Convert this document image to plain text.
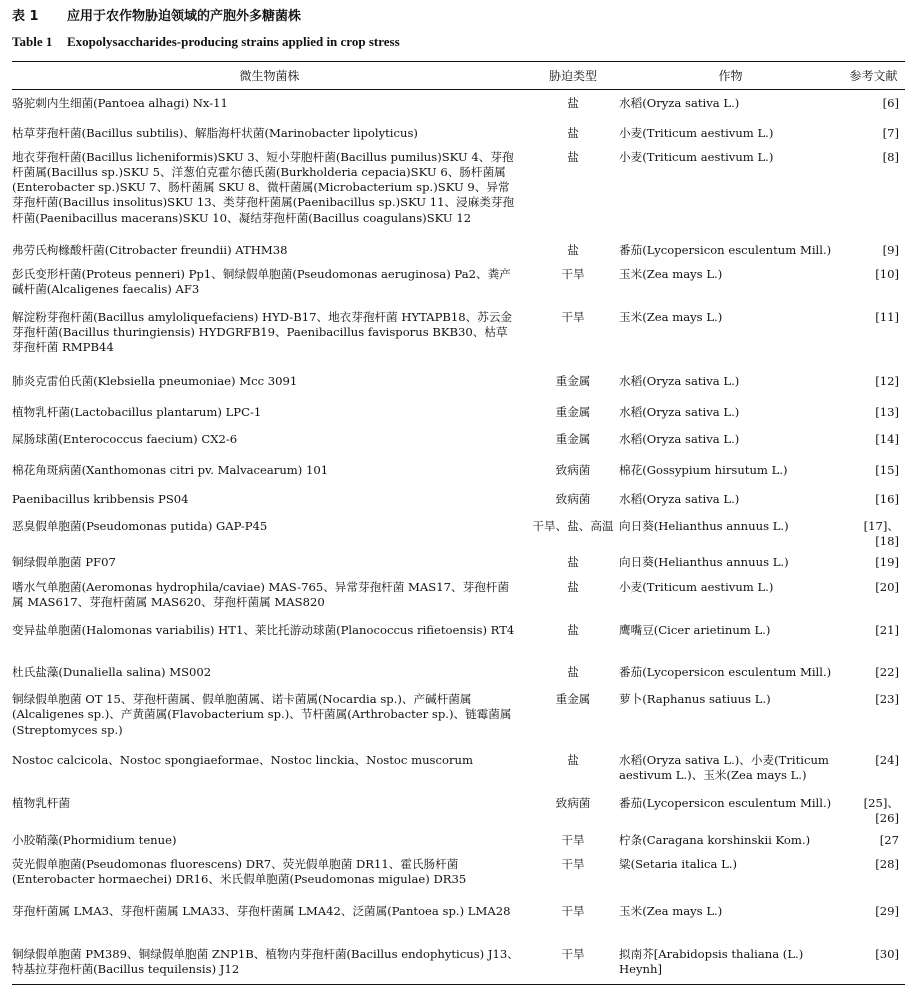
表 1 应用于农作物胁迫领域的产胞外多糖菌株
Table 1 Exopolysaccharides-producing strains applied in crop stress
微生物菌株	胁迫类型	作物	参考文献
骆驼刺内生细菌(Pantoea alhagi) Nx-11	盐	水稻(Oryza sativa L.)	[6]
枯草芽孢杆菌(Bacillus subtilis)、解脂海杆状菌(Marinobacter lipolyticus)	盐	小麦(Triticum aestivum L.)	[7]
地衣芽孢杆菌(Bacillus licheniformis)SKU 3、短小芽胞杆菌(Bacillus pumilus)SKU 4、芽孢杆菌属(Bacillus sp.)SKU 5、洋葱伯克霍尔德氏菌(Burkholderia cepacia)SKU 6、肠杆菌属(Enterobacter sp.)SKU 7、肠杆菌属 SKU 8、微杆菌属(Microbacterium sp.)SKU 9、异常芽孢杆菌(Bacillus insolitus)SKU 13、类芽孢杆菌属(Paenibacillus sp.)SKU 11、浸麻类芽孢杆菌(Paenibacillus macerans)SKU 10、凝结芽孢杆菌(Bacillus coagulans)SKU 12	盐	小麦(Triticum aestivum L.)	[8]
弗劳氏枸橼酸杆菌(Citrobacter freundii) ATHM38	盐	番茄(Lycopersicon esculentum Mill.)	[9]
彭氏变形杆菌(Proteus penneri) Pp1、铜绿假单胞菌(Pseudomonas aeruginosa) Pa2、粪产碱杆菌(Alcaligenes faecalis) AF3	干旱	玉米(Zea mays L.)	[10]
解淀粉芽孢杆菌(Bacillus amyloliquefaciens) HYD-B17、地衣芽孢杆菌 HYTAPB18、苏云金芽孢杆菌(Bacillus thuringiensis) HYDGRFB19、Paenibacillus favisporus BKB30、枯草芽孢杆菌 RMPB44	干旱	玉米(Zea mays L.)	[11]
肺炎克雷伯氏菌(Klebsiella pneumoniae) Mcc 3091	重金属	水稻(Oryza sativa L.)	[12]
植物乳杆菌(Lactobacillus plantarum) LPC-1	重金属	水稻(Oryza sativa L.)	[13]
屎肠球菌(Enterococcus faecium) CX2-6	重金属	水稻(Oryza sativa L.)	[14]
棉花角斑病菌(Xanthomonas citri pv. Malvacearum) 101	致病菌	棉花(Gossypium hirsutum L.)	[15]
Paenibacillus kribbensis PS04	致病菌	水稻(Oryza sativa L.)	[16]
恶臭假单胞菌(Pseudomonas putida) GAP-P45	干旱、盐、高温	向日葵(Helianthus annuus L.)	[17]、[18]
铜绿假单胞菌 PF07	盐	向日葵(Helianthus annuus L.)	[19]
嗜水气单胞菌(Aeromonas hydrophila/caviae) MAS-765、异常芽孢杆菌 MAS17、芽孢杆菌属 MAS617、芽孢杆菌属 MAS620、芽孢杆菌属 MAS820	盐	小麦(Triticum aestivum L.)	[20]
变异盐单胞菌(Halomonas variabilis) HT1、莱比托游动球菌(Planococcus rifietoensis) RT4	盐	鹰嘴豆(Cicer arietinum L.)	[21]
杜氏盐藻(Dunaliella salina) MS002	盐	番茄(Lycopersicon esculentum Mill.)	[22]
铜绿假单胞菌 OT 15、芽孢杆菌属、假单胞菌属、诺卡菌属(Nocardia sp.)、产碱杆菌属(Alcaligenes sp.)、产黄菌属(Flavobacterium sp.)、节杆菌属(Arthrobacter sp.)、链霉菌属(Streptomyces sp.)	重金属	萝卜(Raphanus satiuus L.)	[23]
Nostoc calcicola、Nostoc spongiaeformae、Nostoc linckia、Nostoc muscorum	盐	水稻(Oryza sativa L.)、小麦(Triticum aestivum L.)、玉米(Zea mays L.)	[24]
植物乳杆菌	致病菌	番茄(Lycopersicon esculentum Mill.)	[25]、[26]
小胶鞘藻(Phormidium tenue)	干旱	柠条(Caragana korshinskii Kom.)	[27
荧光假单胞菌(Pseudomonas fluorescens) DR7、荧光假单胞菌 DR11、霍氏肠杆菌(Enterobacter hormaechei) DR16、米氏假单胞菌(Pseudomonas migulae) DR35	干旱	粱(Setaria italica L.)	[28]
芽孢杆菌属 LMA3、芽孢杆菌属 LMA33、芽孢杆菌属 LMA42、泛菌属(Pantoea sp.) LMA28	干旱	玉米(Zea mays L.)	[29]
铜绿假单胞菌 PM389、铜绿假单胞菌 ZNP1B、植物内芽孢杆菌(Bacillus endophyticus) J13、特基拉芽孢杆菌(Bacillus tequilensis) J12	干旱	拟南芥[Arabidopsis thaliana (L.) Heynh]	[30]
